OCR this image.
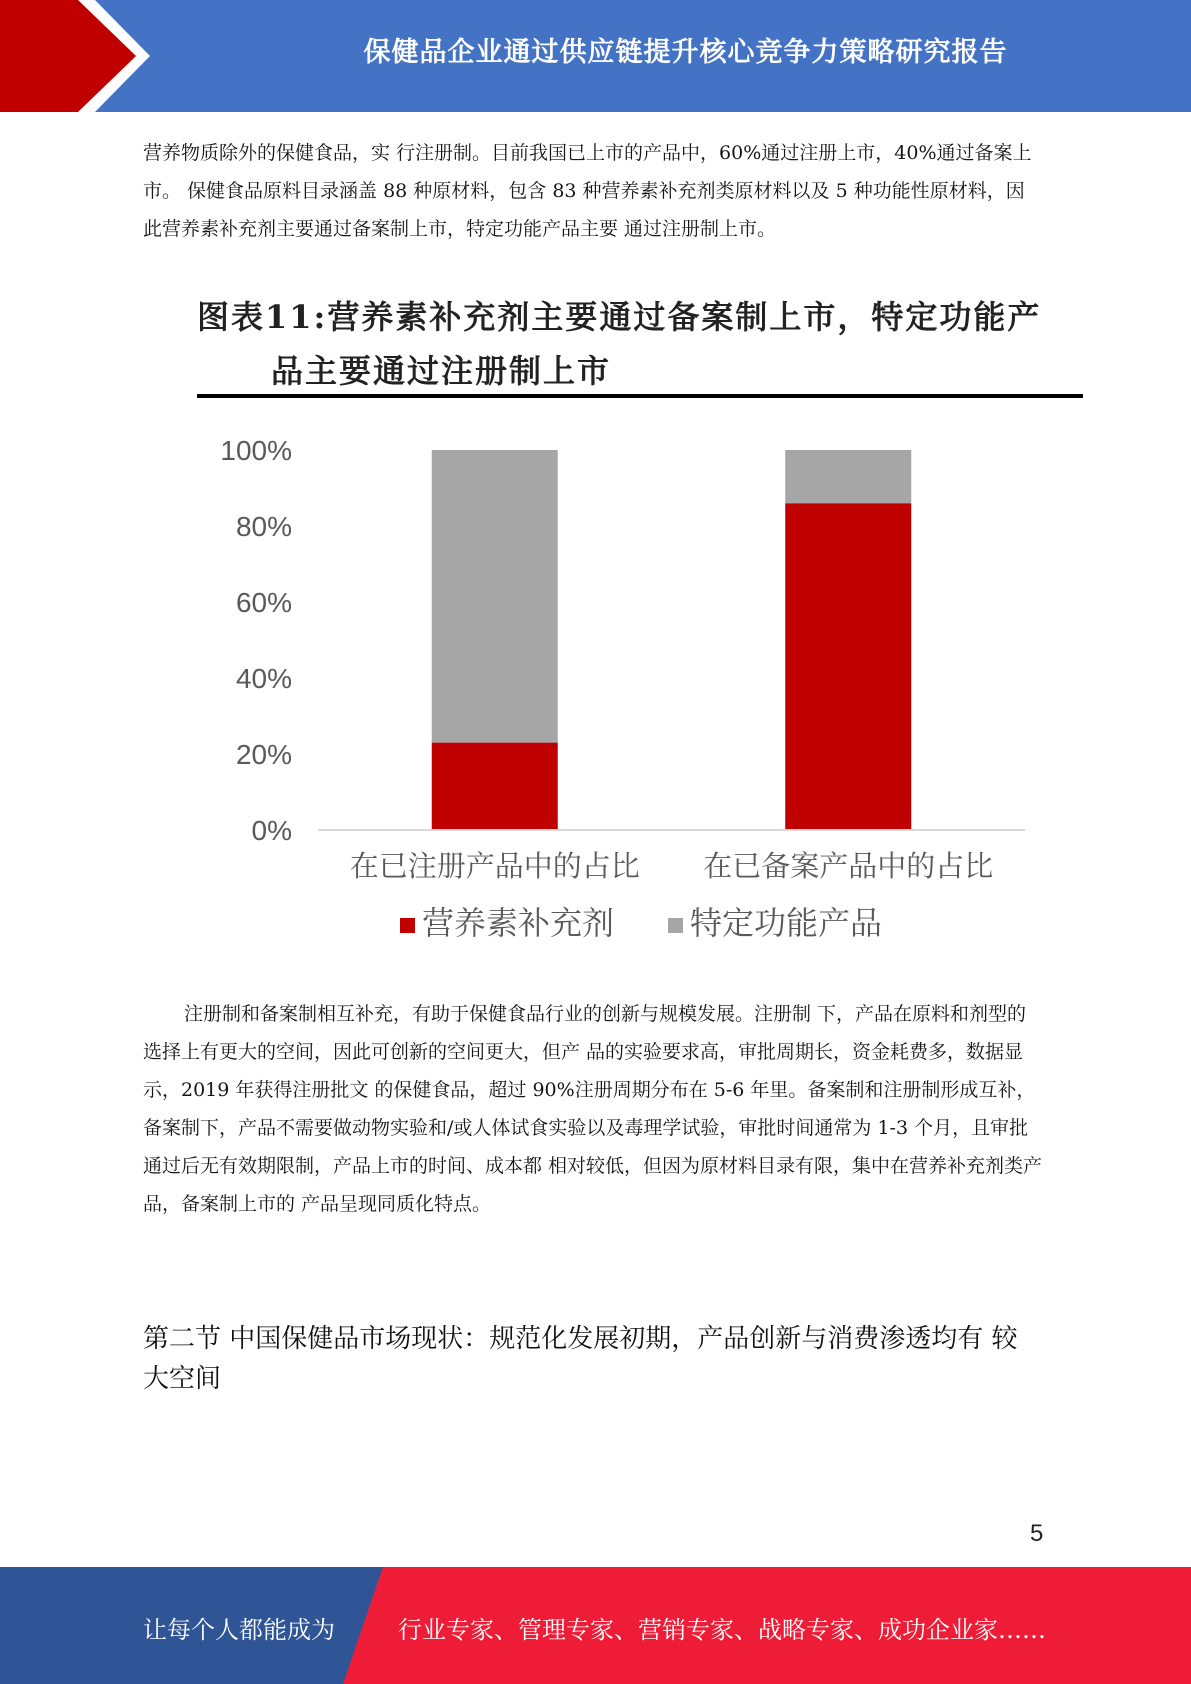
保健品企业通过供应链提升核心竞争力策略研究报告

营养物质除外的保健食品，实 行注册制。目前我国已上市的产品中，60%通过注册上市，40%通过备案上市。 保健食品原料目录涵盖 88 种原材料，包含 83 种营养素补充剂类原材料以及 5 种功能性原材料，因此营养素补充剂主要通过备案制上市，特定功能产品主要 通过注册制上市。

图表11:营养素补充剂主要通过备案制上市，特定功能产
品主要通过注册制上市
0%
20%
40%
60%
80%
100%
在已注册产品中的占比 在已备案产品中的占比
营养素补充剂 特定功能产品

注册制和备案制相互补充，有助于保健食品行业的创新与规模发展。注册制 下，产品在原料和剂型的选择上有更大的空间，因此可创新的空间更大，但产 品的实验要求高，审批周期长，资金耗费多，数据显示，2019 年获得注册批文 的保健食品，超过 90%注册周期分布在 5-6 年里。备案制和注册制形成互补， 备案制下，产品不需要做动物实验和/或人体试食实验以及毒理学试验，审批时间通常为 1-3 个月，且审批通过后无有效期限制，产品上市的时间、成本都 相对较低，但因为原材料目录有限，集中在营养补充剂类产品，备案制上市的 产品呈现同质化特点。

第二节 中国保健品市场现状：规范化发展初期，产品创新与消费渗透均有 较大空间
5
让每个人都能成为	行业专家、管理专家、营销专家、战略专家、成功企业家……
